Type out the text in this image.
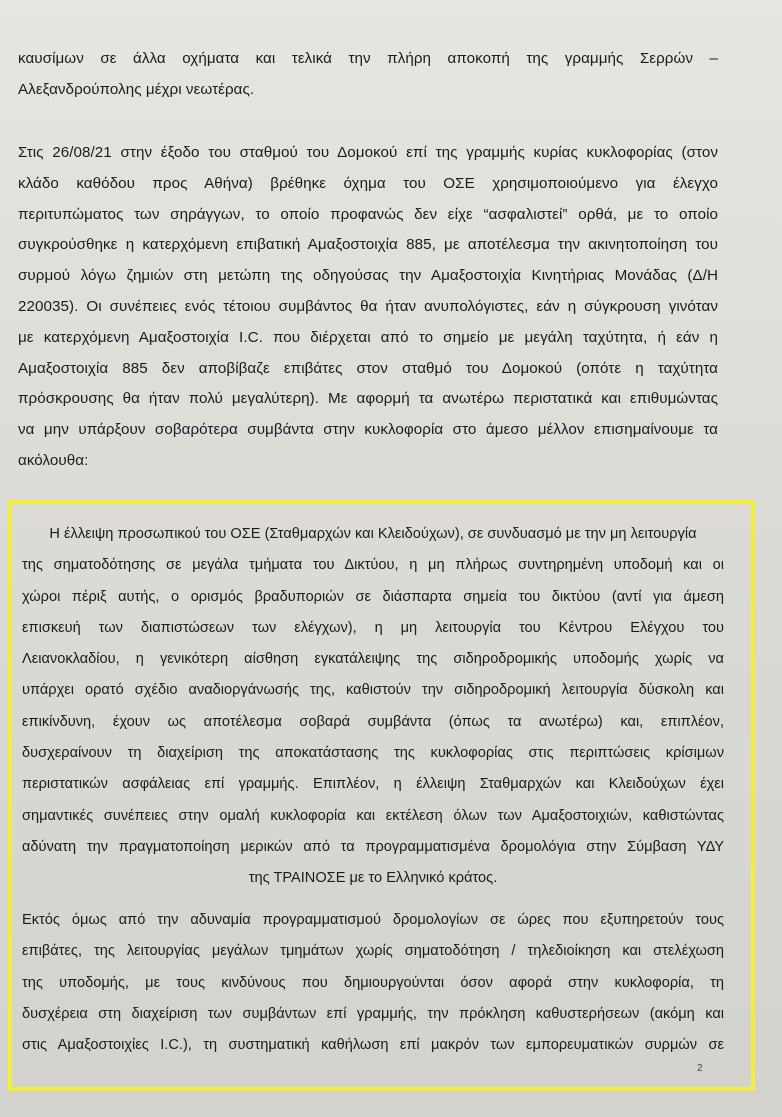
καυσίμων σε άλλα οχήματα και τελικά την πλήρη αποκοπή της γραμμής Σερρών –
Αλεξανδρούπολης μέχρι νεωτέρας.
Στις 26/08/21 στην έξοδο του σταθμού του Δομοκού επί της γραμμής κυρίας κυκλοφορίας (στον
κλάδο καθόδου προς Αθήνα) βρέθηκε όχημα του ΟΣΕ χρησιμοποιούμενο για έλεγχο
περιτυπώματος των σηράγγων, το οποίο προφανώς δεν είχε “ασφαλιστεί” ορθά, με το οποίο
συγκρούσθηκε η κατερχόμενη επιβατική Αμαξοστοιχία 885, με αποτέλεσμα την ακινητοποίηση του
συρμού λόγω ζημιών στη μετώπη της οδηγούσας την Αμαξοστοιχία Κινητήριας Μονάδας (Δ/Η
220035). Οι συνέπειες ενός τέτοιου συμβάντος θα ήταν ανυπολόγιστες, εάν η σύγκρουση γινόταν
με κατερχόμενη Αμαξοστοιχία I.C. που διέρχεται από το σημείο με μεγάλη ταχύτητα, ή εάν η
Αμαξοστοιχία 885 δεν αποβίβαζε επιβάτες στον σταθμό του Δομοκού (οπότε η ταχύτητα
πρόσκρουσης θα ήταν πολύ μεγαλύτερη). Με αφορμή τα ανωτέρω περιστατικά και επιθυμώντας
να μην υπάρξουν σοβαρότερα συμβάντα στην κυκλοφορία στο άμεσο μέλλον επισημαίνουμε τα
ακόλουθα:
Η έλλειψη προσωπικού του ΟΣΕ (Σταθμαρχών και Κλειδούχων), σε συνδυασμό με την μη λειτουργία
της σηματοδότησης σε μεγάλα τμήματα του Δικτύου, η μη πλήρως συντηρημένη υποδομή και οι
χώροι πέριξ αυτής, ο ορισμός βραδυποριών σε διάσπαρτα σημεία του δικτύου (αντί για άμεση
επισκευή των διαπιστώσεων των ελέγχων), η μη λειτουργία του Κέντρου Ελέγχου του
Λειανοκλαδίου, η γενικότερη αίσθηση εγκατάλειψης της σιδηροδρομικής υποδομής χωρίς να
υπάρχει ορατό σχέδιο αναδιοργάνωσής της, καθιστούν την σιδηροδρομική λειτουργία δύσκολη και
επικίνδυνη, έχουν ως αποτέλεσμα σοβαρά συμβάντα (όπως τα ανωτέρω) και, επιπλέον,
δυσχεραίνουν τη διαχείριση της αποκατάστασης της κυκλοφορίας στις περιπτώσεις κρίσιμων
περιστατικών ασφάλειας επί γραμμής. Επιπλέον, η έλλειψη Σταθμαρχών και Κλειδούχων έχει
σημαντικές συνέπειες στην ομαλή κυκλοφορία και εκτέλεση όλων των Αμαξοστοιχιών, καθιστώντας
αδύνατη την πραγματοποίηση μερικών από τα προγραμματισμένα δρομολόγια στην Σύμβαση ΥΔΥ
της ΤΡΑΙΝΟΣΕ με το Ελληνικό κράτος.
Εκτός όμως από την αδυναμία προγραμματισμού δρομολογίων σε ώρες που εξυπηρετούν τους
επιβάτες, της λειτουργίας μεγάλων τμημάτων χωρίς σηματοδότηση / τηλεδιοίκηση και στελέχωση
της υποδομής, με τους κινδύνους που δημιουργούνται όσον αφορά στην κυκλοφορία, τη
δυσχέρεια στη διαχείριση των συμβάντων επί γραμμής, την πρόκληση καθυστερήσεων (ακόμη και
στις Αμαξοστοιχίες I.C.), τη συστηματική καθήλωση επί μακρόν των εμπορευματικών συρμών σε
2
